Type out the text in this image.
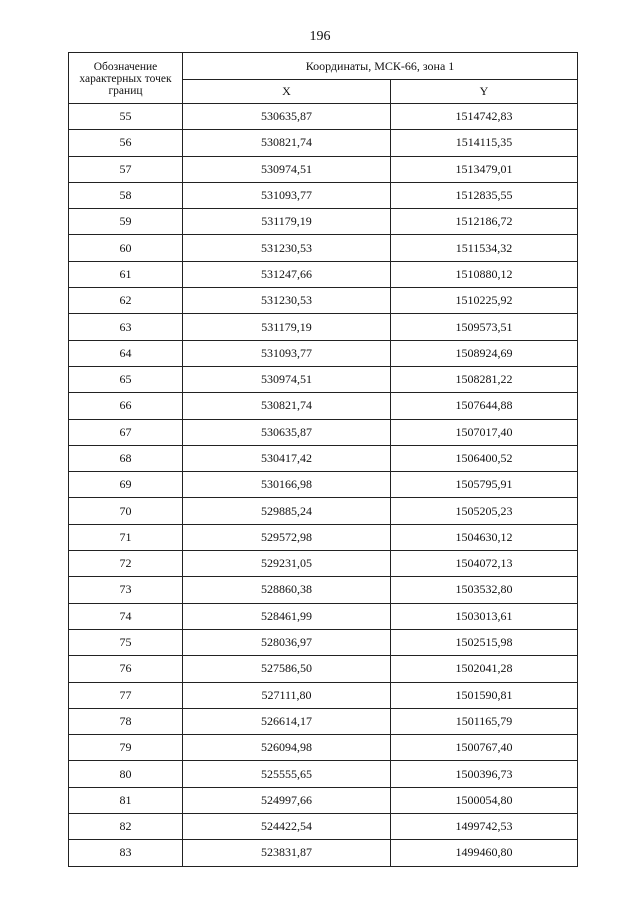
196
Обозначение характерных точек границ	Координаты, МСК-66, зона 1	
	X	Y
55	530635,87	1514742,83
56	530821,74	1514115,35
57	530974,51	1513479,01
58	531093,77	1512835,55
59	531179,19	1512186,72
60	531230,53	1511534,32
61	531247,66	1510880,12
62	531230,53	1510225,92
63	531179,19	1509573,51
64	531093,77	1508924,69
65	530974,51	1508281,22
66	530821,74	1507644,88
67	530635,87	1507017,40
68	530417,42	1506400,52
69	530166,98	1505795,91
70	529885,24	1505205,23
71	529572,98	1504630,12
72	529231,05	1504072,13
73	528860,38	1503532,80
74	528461,99	1503013,61
75	528036,97	1502515,98
76	527586,50	1502041,28
77	527111,80	1501590,81
78	526614,17	1501165,79
79	526094,98	1500767,40
80	525555,65	1500396,73
81	524997,66	1500054,80
82	524422,54	1499742,53
83	523831,87	1499460,80
